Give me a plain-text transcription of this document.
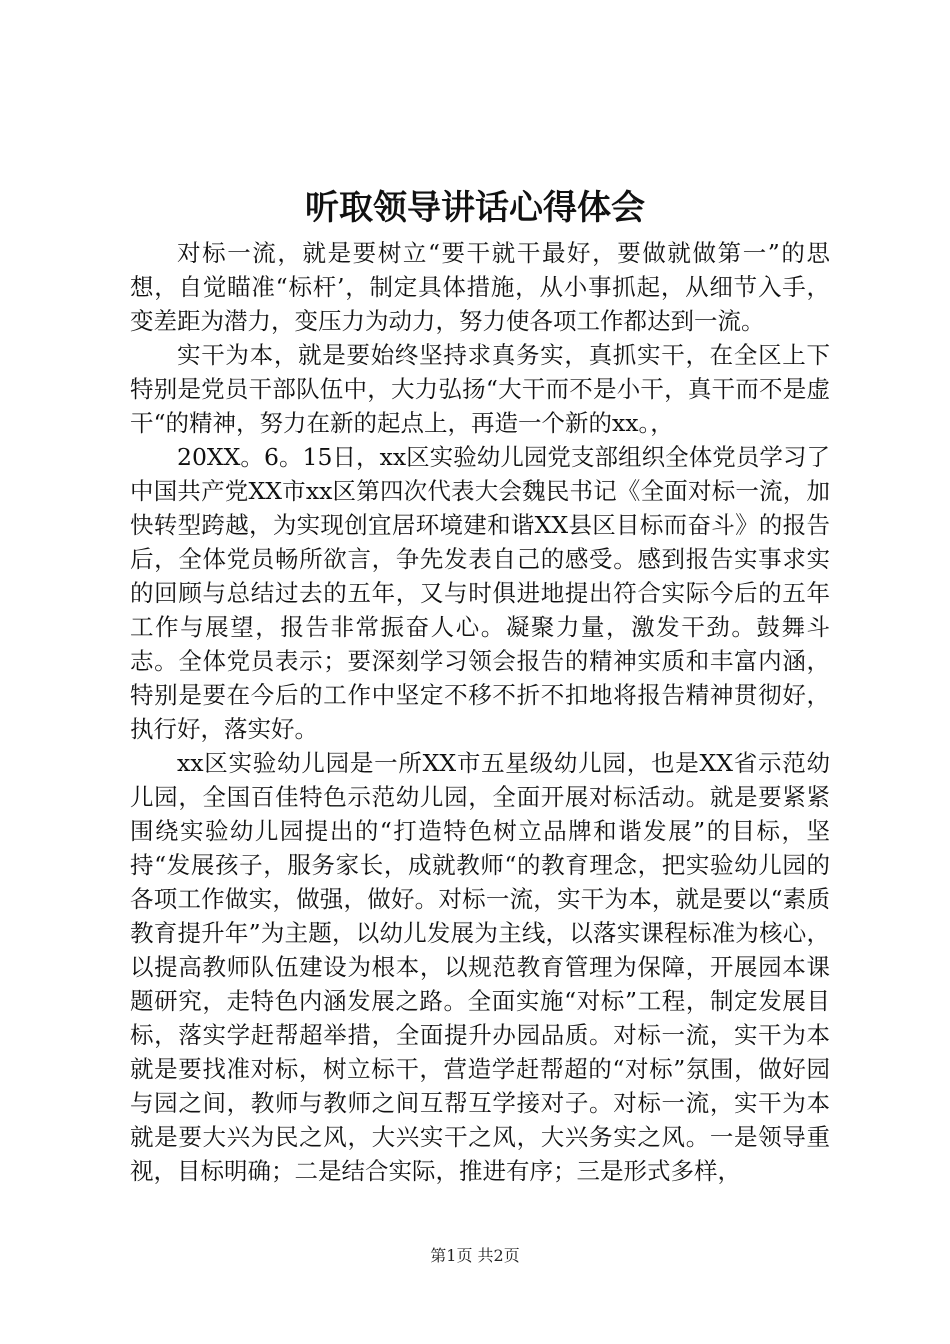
听取领导讲话心得体会

对标一流，就是要树立“要干就干最好，要做就做第一”的思想，自觉瞄准“标杆’，制定具体措施，从小事抓起，从细节入手，变差距为潜力，变压力为动力，努力使各项工作都达到一流。

实干为本，就是要始终坚持求真务实，真抓实干，在全区上下特别是党员干部队伍中，大力弘扬“大干而不是小干，真干而不是虚干“的精神，努力在新的起点上，再造一个新的xx。，

20XX。6。15日，xx区实验幼儿园党支部组织全体党员学习了中国共产党XX市xx区第四次代表大会魏民书记《全面对标一流，加快转型跨越，为实现创宜居环境建和谐XX县区目标而奋斗》的报告后，全体党员畅所欲言，争先发表自己的感受。感到报告实事求实的回顾与总结过去的五年，又与时俱进地提出符合实际今后的五年工作与展望，报告非常振奋人心。凝聚力量，激发干劲。鼓舞斗志。全体党员表示；要深刻学习领会报告的精神实质和丰富内涵，特别是要在今后的工作中坚定不移不折不扣地将报告精神贯彻好，执行好，落实好。

xx区实验幼儿园是一所XX市五星级幼儿园，也是XX省示范幼儿园，全国百佳特色示范幼儿园，全面开展对标活动。就是要紧紧围绕实验幼儿园提出的“打造特色树立品牌和谐发展”的目标，坚持“发展孩子，服务家长，成就教师“的教育理念，把实验幼儿园的各项工作做实，做强，做好。对标一流，实干为本，就是要以“素质教育提升年”为主题，以幼儿发展为主线，以落实课程标准为核心，以提高教师队伍建设为根本，以规范教育管理为保障，开展园本课题研究，走特色内涵发展之路。全面实施“对标”工程，制定发展目标，落实学赶帮超举措，全面提升办园品质。对标一流，实干为本就是要找准对标，树立标干，营造学赶帮超的“对标”氛围，做好园与园之间，教师与教师之间互帮互学接对子。对标一流，实干为本就是要大兴为民之风，大兴实干之风，大兴务实之风。一是领导重视，目标明确；二是结合实际，推进有序；三是形式多样，

第1页 共2页
